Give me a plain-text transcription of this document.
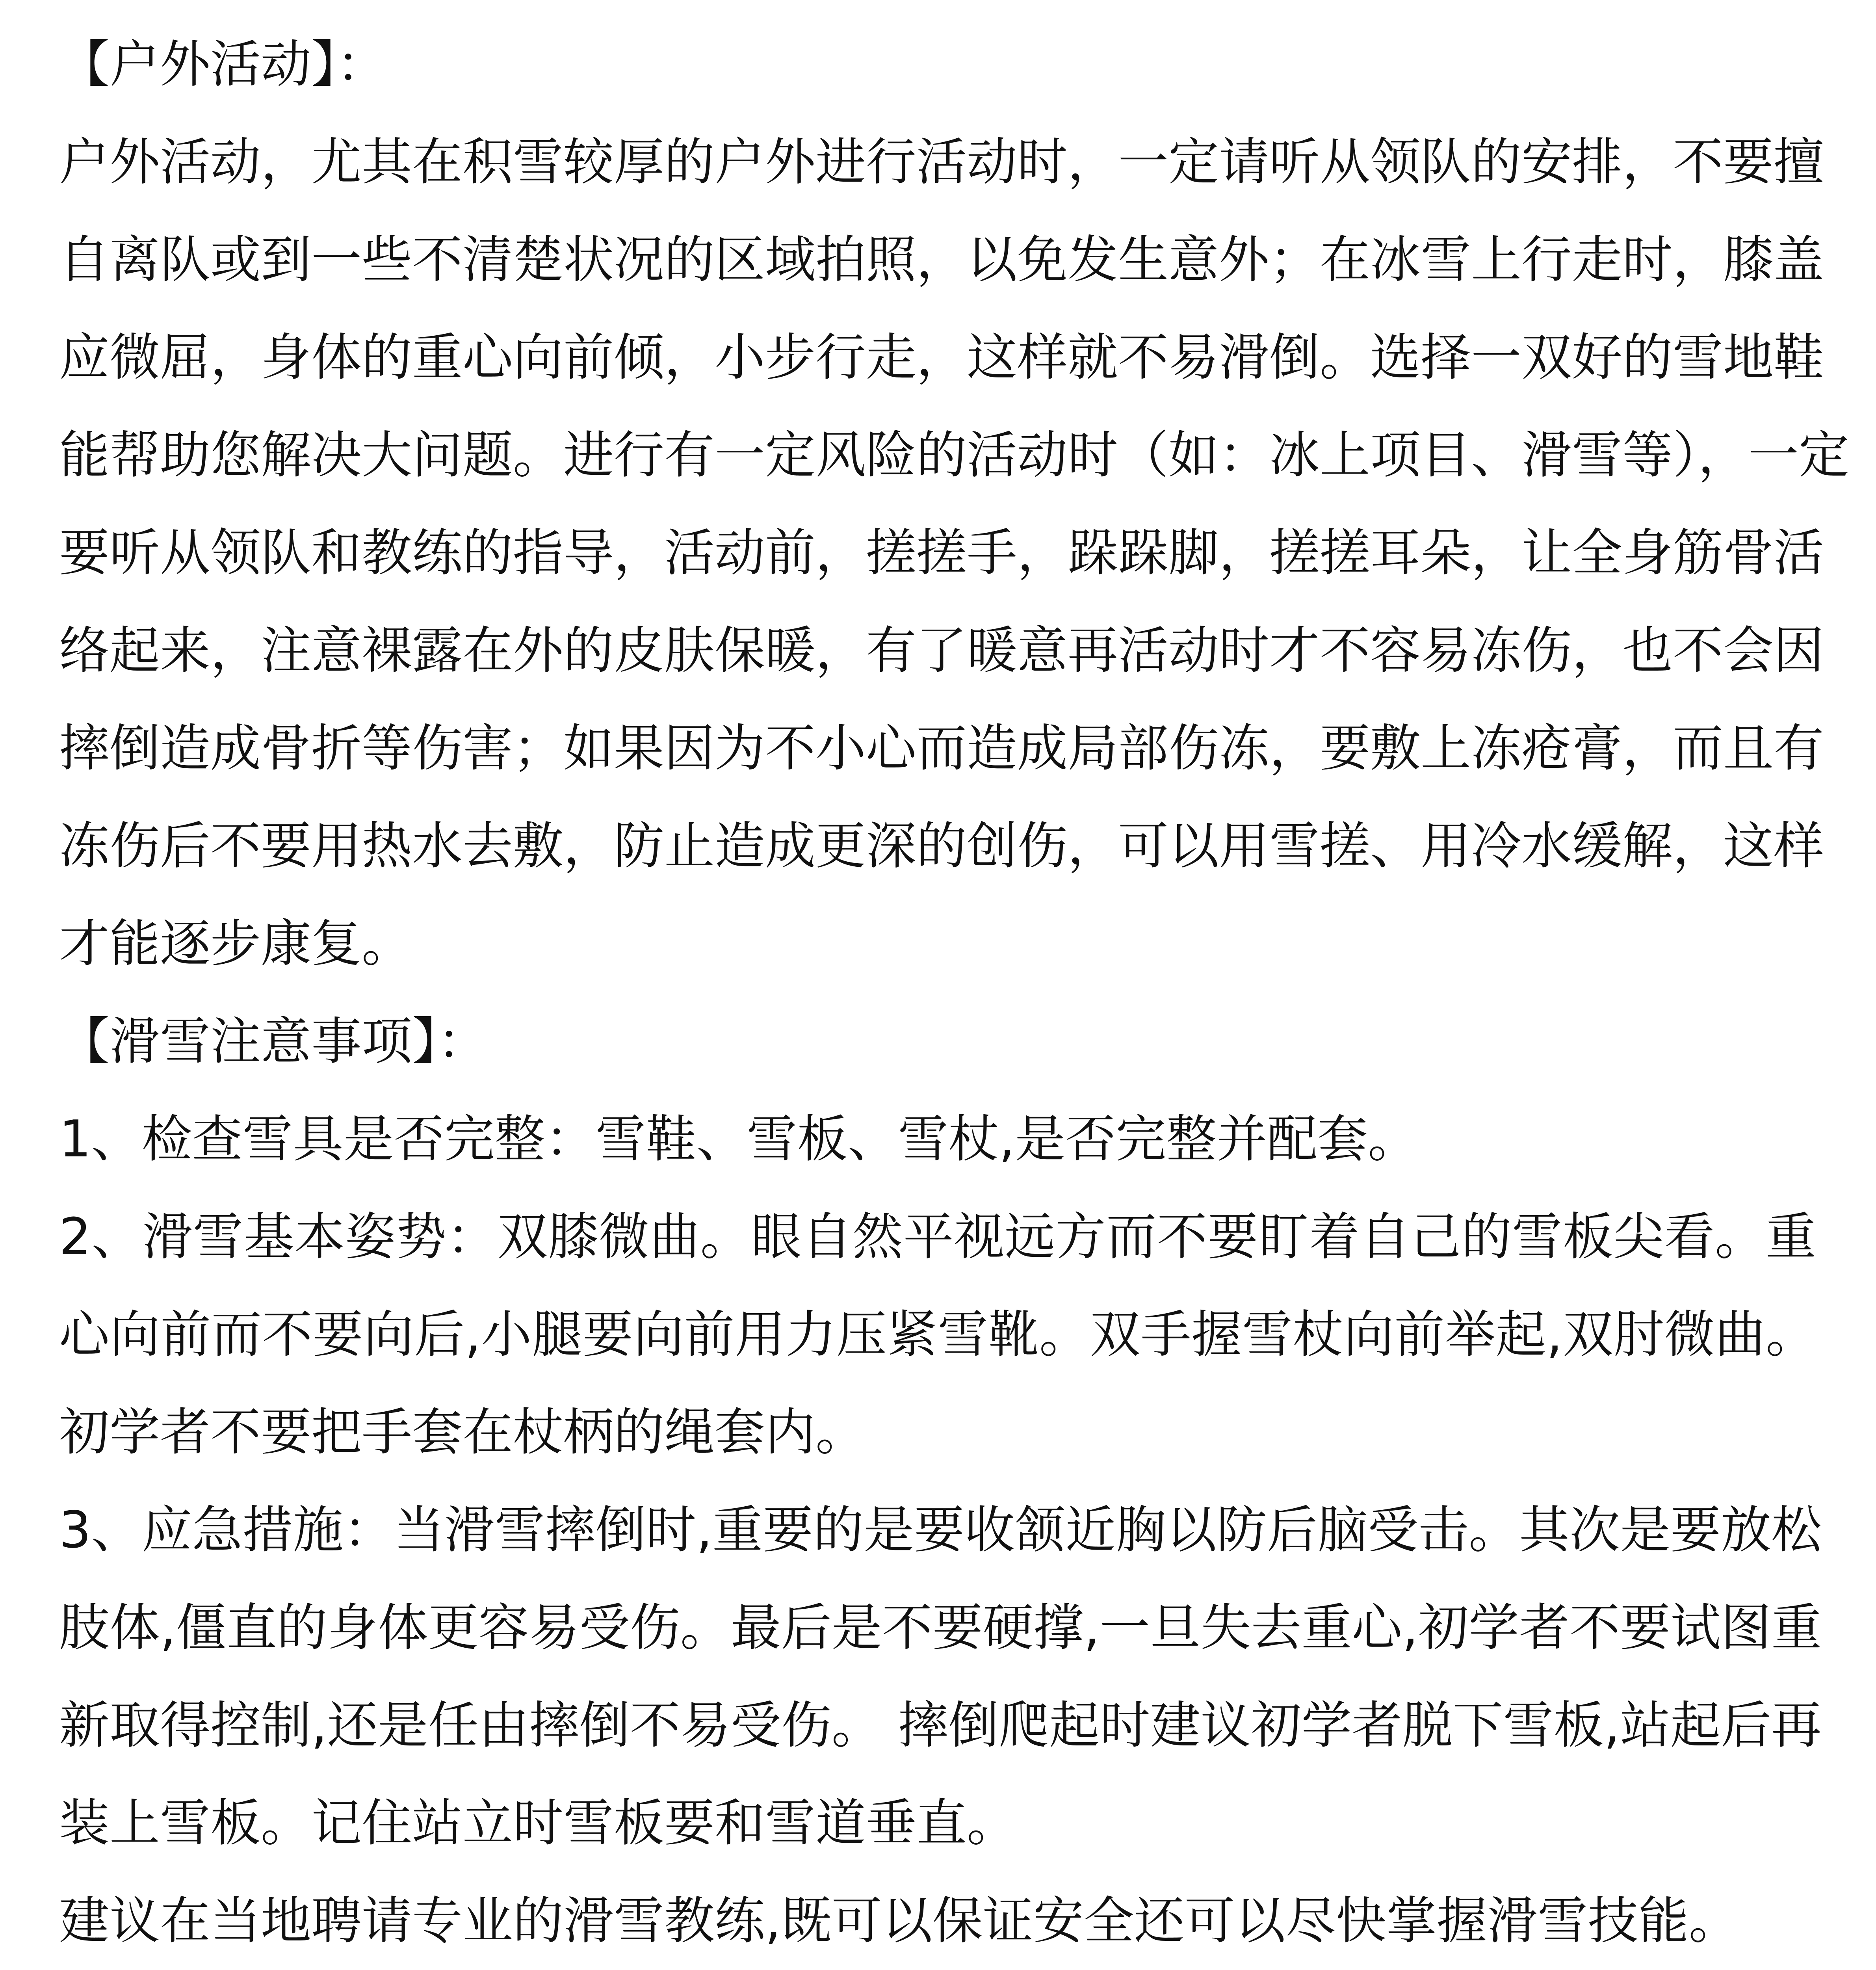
【户外活动】：
户外活动，尤其在积雪较厚的户外进行活动时，一定请听从领队的安排，不要擅
自离队或到一些不清楚状况的区域拍照，以免发生意外；在冰雪上行走时，膝盖
应微屈，身体的重心向前倾，小步行走，这样就不易滑倒。选择一双好的雪地鞋
能帮助您解决大问题。进行有一定风险的活动时（如：冰上项目、滑雪等），一定
要听从领队和教练的指导，活动前，搓搓手，跺跺脚，搓搓耳朵，让全身筋骨活
络起来，注意裸露在外的皮肤保暖，有了暖意再活动时才不容易冻伤，也不会因
摔倒造成骨折等伤害；如果因为不小心而造成局部伤冻，要敷上冻疮膏，而且有
冻伤后不要用热水去敷，防止造成更深的创伤，可以用雪搓、用冷水缓解，这样
才能逐步康复。
【滑雪注意事项】：
1、检查雪具是否完整：雪鞋、雪板、雪杖,是否完整并配套。
2、滑雪基本姿势：双膝微曲。眼自然平视远方而不要盯着自己的雪板尖看。重
心向前而不要向后,小腿要向前用力压紧雪靴。双手握雪杖向前举起,双肘微曲。
初学者不要把手套在杖柄的绳套内。
3、应急措施：当滑雪摔倒时,重要的是要收颔近胸以防后脑受击。其次是要放松
肢体,僵直的身体更容易受伤。最后是不要硬撑,一旦失去重心,初学者不要试图重
新取得控制,还是任由摔倒不易受伤。 摔倒爬起时建议初学者脱下雪板,站起后再
装上雪板。记住站立时雪板要和雪道垂直。
建议在当地聘请专业的滑雪教练,既可以保证安全还可以尽快掌握滑雪技能。
